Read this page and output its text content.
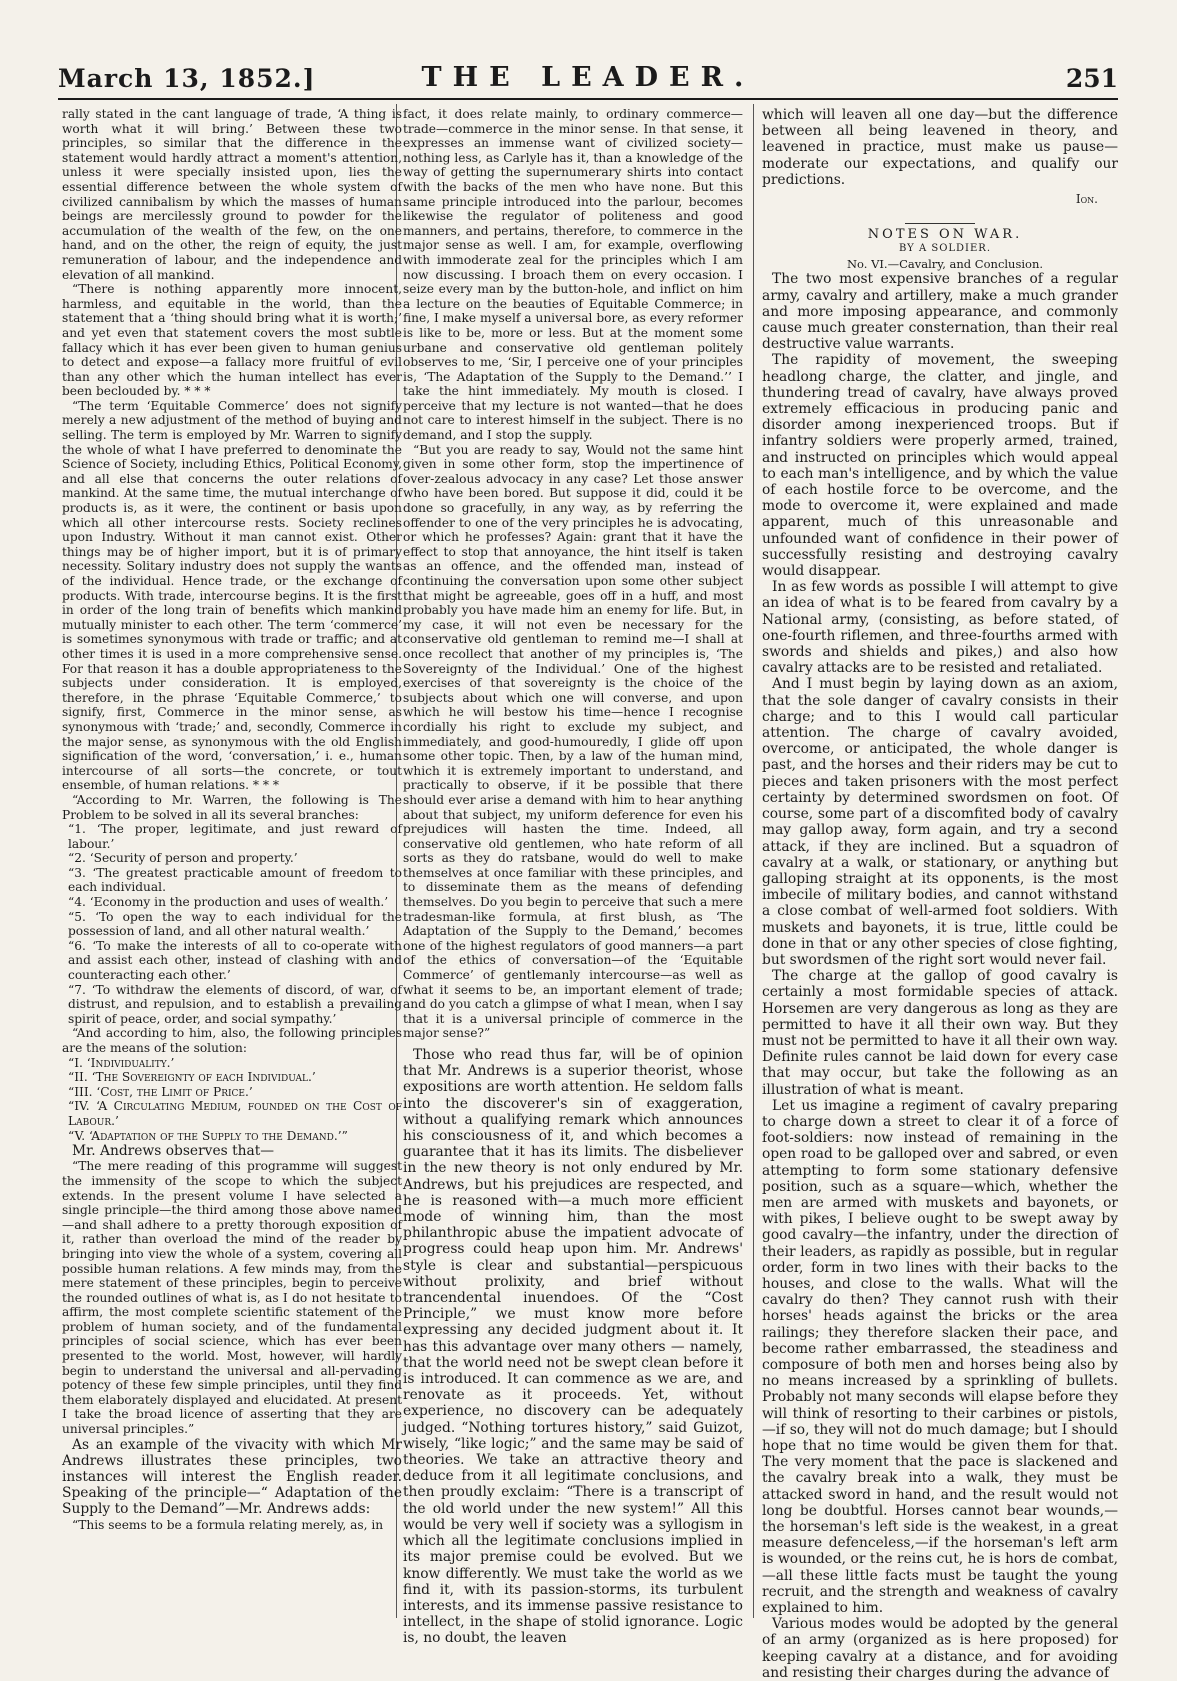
March 13, 1852.]	THE LEADER.	251

rally stated in the cant language of trade, ‘A thing is worth what it will bring.’ Between these two principles, so similar that the difference in the statement would hardly attract a moment's attention, unless it were specially insisted upon, lies the essential difference between the whole system of civilized cannibalism by which the masses of human beings are mercilessly ground to powder for the accumulation of the wealth of the few, on the one hand, and on the other, the reign of equity, the just remuneration of labour, and the independence and elevation of all mankind.

“There is nothing apparently more innocent, harmless, and equitable in the world, than the statement that a ‘thing should bring what it is worth;’ and yet even that statement covers the most subtle fallacy which it has ever been given to human genius to detect and expose—a fallacy more fruitful of evil than any other which the human intellect has ever been beclouded by. * * *

“The term ‘Equitable Commerce’ does not signify merely a new adjustment of the method of buying and selling. The term is employed by Mr. Warren to signify the whole of what I have preferred to denominate the Science of Society, including Ethics, Political Economy, and all else that concerns the outer relations of mankind. At the same time, the mutual interchange of products is, as it were, the continent or basis upon which all other intercourse rests. Society reclines upon Industry. Without it man cannot exist. Other things may be of higher import, but it is of primary necessity. Solitary industry does not supply the wants of the individual. Hence trade, or the exchange of products. With trade, intercourse begins. It is the first in order of the long train of benefits which mankind mutually minister to each other. The term ‘commerce’ is sometimes synonymous with trade or traffic; and at other times it is used in a more comprehensive sense. For that reason it has a double appropriateness to the subjects under consideration. It is employed, therefore, in the phrase ‘Equitable Commerce,’ to signify, first, Commerce in the minor sense, as synonymous with ‘trade;’ and, secondly, Commerce in the major sense, as synonymous with the old English signification of the word, ‘conversation,’ i. e., human intercourse of all sorts—the concrete, or tout ensemble, of human relations. * * *

“According to Mr. Warren, the following is The Problem to be solved in all its several branches:

“1. ‘The proper, legitimate, and just reward of labour.’

“2. ‘Security of person and property.’

“3. ‘The greatest practicable amount of freedom to each individual.

“4. ‘Economy in the production and uses of wealth.’

“5. ‘To open the way to each individual for the possession of land, and all other natural wealth.’

“6. ‘To make the interests of all to co-operate with and assist each other, instead of clashing with and counteracting each other.’

“7. ‘To withdraw the elements of discord, of war, of distrust, and repulsion, and to establish a prevailing spirit of peace, order, and social sympathy.’

“And according to him, also, the following principles are the means of the solution:

“I. ‘Individuality.’

“II. ‘The Sovereignty of each Individual.’

“III. ‘Cost, the Limit of Price.’

“IV. ‘A Circulating Medium, founded on the Cost of Labour.’

“V. ‘Adaptation of the Supply to the Demand.’”

Mr. Andrews observes that—

“The mere reading of this programme will suggest the immensity of the scope to which the subject extends. In the present volume I have selected a single principle—the third among those above named—and shall adhere to a pretty thorough exposition of it, rather than overload the mind of the reader by bringing into view the whole of a system, covering all possible human relations. A few minds may, from the mere statement of these principles, begin to perceive the rounded outlines of what is, as I do not hesitate to affirm, the most complete scientific statement of the problem of human society, and of the fundamental principles of social science, which has ever been presented to the world. Most, however, will hardly begin to understand the universal and all-pervading potency of these few simple principles, until they find them elaborately displayed and elucidated. At present I take the broad licence of asserting that they are universal principles.”

As an example of the vivacity with which Mr Andrews illustrates these principles, two instances will interest the English reader. Speaking of the principle—“ Adaptation of the Supply to the Demand”—Mr. Andrews adds:

“This seems to be a formula relating merely, as, in

fact, it does relate mainly, to ordinary commerce—trade—commerce in the minor sense. In that sense, it expresses an immense want of civilized society—nothing less, as Carlyle has it, than a knowledge of the way of getting the supernumerary shirts into contact with the backs of the men who have none. But this same principle introduced into the parlour, becomes likewise the regulator of politeness and good manners, and pertains, therefore, to commerce in the major sense as well. I am, for example, overflowing with immoderate zeal for the principles which I am now discussing. I broach them on every occasion. I seize every man by the button-hole, and inflict on him a lecture on the beauties of Equitable Commerce; in fine, I make myself a universal bore, as every reformer is like to be, more or less. But at the moment some urbane and conservative old gentleman politely observes to me, ‘Sir, I perceive one of your principles is, ‘The Adaptation of the Supply to the Demand.’’ I take the hint immediately. My mouth is closed. I perceive that my lecture is not wanted—that he does not care to interest himself in the subject. There is no demand, and I stop the supply.

“But you are ready to say, Would not the same hint given in some other form, stop the impertinence of over-zealous advocacy in any case? Let those answer who have been bored. But suppose it did, could it be done so gracefully, in any way, as by referring the offender to one of the very principles he is advocating, or which he professes? Again: grant that it have the effect to stop that annoyance, the hint itself is taken as an offence, and the offended man, instead of continuing the conversation upon some other subject that might be agreeable, goes off in a huff, and most probably you have made him an enemy for life. But, in my case, it will not even be necessary for the conservative old gentleman to remind me—I shall at once recollect that another of my principles is, ‘The Sovereignty of the Individual.’ One of the highest exercises of that sovereignty is the choice of the subjects about which one will converse, and upon which he will bestow his time—hence I recognise cordially his right to exclude my subject, and immediately, and good-humouredly, I glide off upon some other topic. Then, by a law of the human mind, which it is extremely important to understand, and practically to observe, if it be possible that there should ever arise a demand with him to hear anything about that subject, my uniform deference for even his prejudices will hasten the time. Indeed, all conservative old gentlemen, who hate reform of all sorts as they do ratsbane, would do well to make themselves at once familiar with these principles, and to disseminate them as the means of defending themselves. Do you begin to perceive that such a mere tradesman-like formula, at first blush, as ‘The Adaptation of the Supply to the Demand,’ becomes one of the highest regulators of good manners—a part of the ethics of conversation—of the ‘Equitable Commerce’ of gentlemanly intercourse—as well as what it seems to be, an important element of trade; and do you catch a glimpse of what I mean, when I say that it is a universal principle of commerce in the major sense?”

Those who read thus far, will be of opinion that Mr. Andrews is a superior theorist, whose expositions are worth attention. He seldom falls into the discoverer's sin of exaggeration, without a qualifying remark which announces his consciousness of it, and which becomes a guarantee that it has its limits. The disbeliever in the new theory is not only endured by Mr. Andrews, but his prejudices are respected, and he is reasoned with—a much more efficient mode of winning him, than the most philanthropic abuse the impatient advocate of progress could heap upon him. Mr. Andrews' style is clear and substantial—perspicuous without prolixity, and brief without trancendental inuendoes. Of the “Cost Principle,” we must know more before expressing any decided judgment about it. It has this advantage over many others — namely, that the world need not be swept clean before it is introduced. It can commence as we are, and renovate as it proceeds. Yet, without experience, no discovery can be adequately judged. “Nothing tortures history,” said Guizot, wisely, “like logic;” and the same may be said of theories. We take an attractive theory and deduce from it all legitimate conclusions, and then proudly exclaim: “There is a transcript of the old world under the new system!” All this would be very well if society was a syllogism in which all the legitimate conclusions implied in its major premise could be evolved. But we know differently. We must take the world as we find it, with its passion-storms, its turbulent interests, and its immense passive resistance to intellect, in the shape of stolid ignorance. Logic is, no doubt, the leaven

which will leaven all one day—but the difference between all being leavened in theory, and leavened in practice, must make us pause—moderate our expectations, and qualify our predictions.

Ion.

NOTES ON WAR.

BY A SOLDIER.

No. VI.—Cavalry, and Conclusion.

The two most expensive branches of a regular army, cavalry and artillery, make a much grander and more imposing appearance, and commonly cause much greater consternation, than their real destructive value warrants.

The rapidity of movement, the sweeping headlong charge, the clatter, and jingle, and thundering tread of cavalry, have always proved extremely efficacious in producing panic and disorder among inexperienced troops. But if infantry soldiers were properly armed, trained, and instructed on principles which would appeal to each man's intelligence, and by which the value of each hostile force to be overcome, and the mode to overcome it, were explained and made apparent, much of this unreasonable and unfounded want of confidence in their power of successfully resisting and destroying cavalry would disappear.

In as few words as possible I will attempt to give an idea of what is to be feared from cavalry by a National army, (consisting, as before stated, of one-fourth riflemen, and three-fourths armed with swords and shields and pikes,) and also how cavalry attacks are to be resisted and retaliated.

And I must begin by laying down as an axiom, that the sole danger of cavalry consists in their charge; and to this I would call particular attention. The charge of cavalry avoided, overcome, or anticipated, the whole danger is past, and the horses and their riders may be cut to pieces and taken prisoners with the most perfect certainty by determined swordsmen on foot. Of course, some part of a discomfited body of cavalry may gallop away, form again, and try a second attack, if they are inclined. But a squadron of cavalry at a walk, or stationary, or anything but galloping straight at its opponents, is the most imbecile of military bodies, and cannot withstand a close combat of well-armed foot soldiers. With muskets and bayonets, it is true, little could be done in that or any other species of close fighting, but swordsmen of the right sort would never fail.

The charge at the gallop of good cavalry is certainly a most formidable species of attack. Horsemen are very dangerous as long as they are permitted to have it all their own way. But they must not be permitted to have it all their own way. Definite rules cannot be laid down for every case that may occur, but take the following as an illustration of what is meant.

Let us imagine a regiment of cavalry preparing to charge down a street to clear it of a force of foot-soldiers: now instead of remaining in the open road to be galloped over and sabred, or even attempting to form some stationary defensive position, such as a square—which, whether the men are armed with muskets and bayonets, or with pikes, I believe ought to be swept away by good cavalry—the infantry, under the direction of their leaders, as rapidly as possible, but in regular order, form in two lines with their backs to the houses, and close to the walls. What will the cavalry do then? They cannot rush with their horses' heads against the bricks or the area railings; they therefore slacken their pace, and become rather embarrassed, the steadiness and composure of both men and horses being also by no means increased by a sprinkling of bullets. Probably not many seconds will elapse before they will think of resorting to their carbines or pistols,—if so, they will not do much damage; but I should hope that no time would be given them for that. The very moment that the pace is slackened and the cavalry break into a walk, they must be attacked sword in hand, and the result would not long be doubtful. Horses cannot bear wounds,—the horseman's left side is the weakest, in a great measure defenceless,—if the horseman's left arm is wounded, or the reins cut, he is hors de combat,—all these little facts must be taught the young recruit, and the strength and weakness of cavalry explained to him.

Various modes would be adopted by the general of an army (organized as is here proposed) for keeping cavalry at a distance, and for avoiding and resisting their charges during the advance of
